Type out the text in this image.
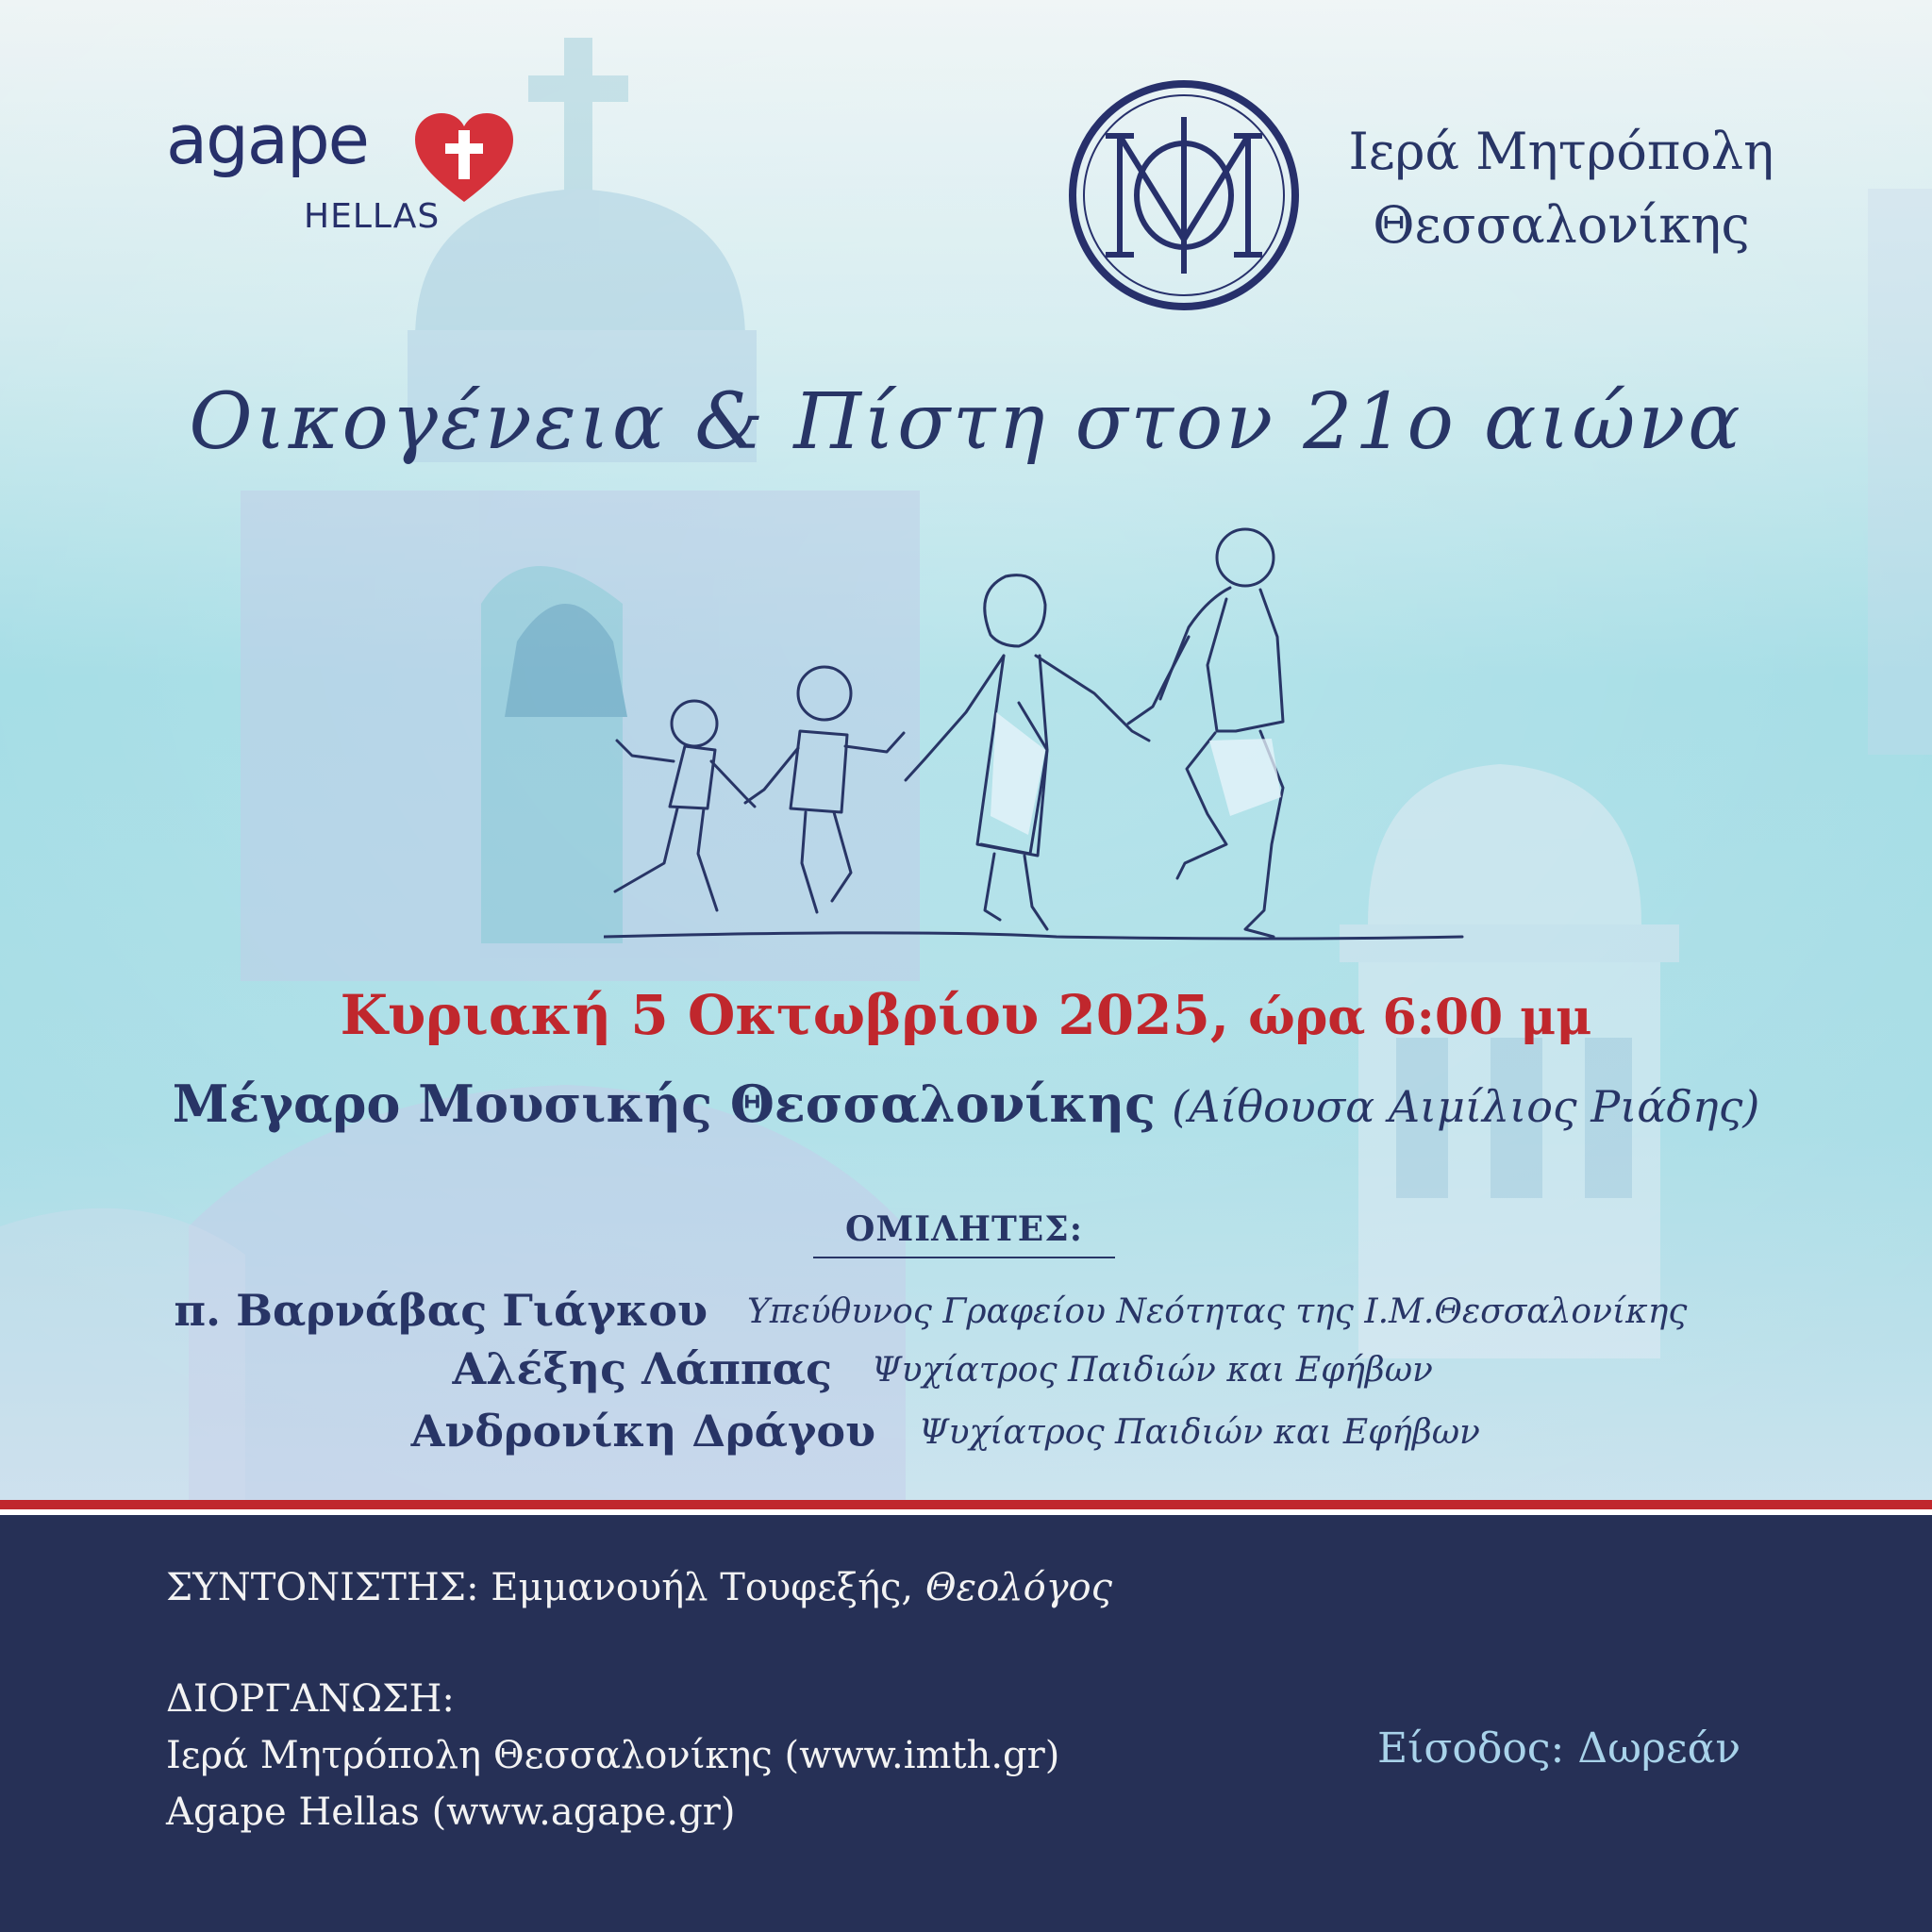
agape
HELLAS
Ιερά Μητρόπολη
Θεσσαλονίκης
Οικογένεια & Πίστη στον 21ο αιώνα
Κυριακή 5 Οκτωβρίου 2025, ώρα 6:00 μμ
Μέγαρο Μουσικής Θεσσαλονίκης (Αίθουσα Αιμίλιος Ριάδης)
ΟΜΙΛΗΤΕΣ:
π. Βαρνάβας Γιάγκου Υπεύθυνος Γραφείου Νεότητας της Ι.Μ.Θεσσαλονίκης
Αλέξης Λάππας Ψυχίατρος Παιδιών και Εφήβων
Ανδρονίκη Δράγου Ψυχίατρος Παιδιών και Εφήβων
ΣΥΝΤΟΝΙΣΤΗΣ: Εμμανουήλ Τουφεξής, Θεολόγος
ΔΙΟΡΓΑΝΩΣΗ:
Ιερά Μητρόπολη Θεσσαλονίκης (www.imth.gr)
Agape Hellas (www.agape.gr)
Είσοδος: Δωρεάν
